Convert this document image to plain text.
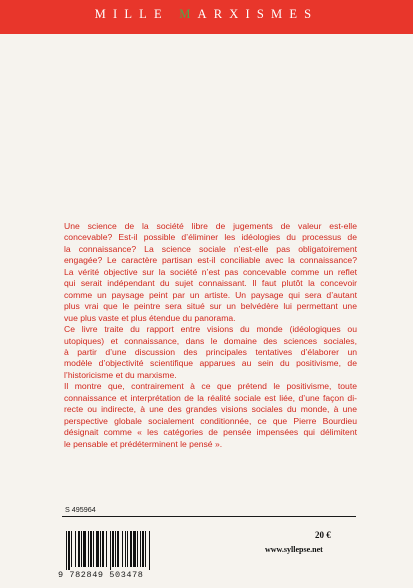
MILLE MARXISMES

Une science de la société libre de jugements de valeur est-elle
concevable? Est-il possible d’éliminer les idéologies du processus de
la connaissance? La science sociale n’est-elle pas obligatoirement
engagée? Le caractère partisan est-il conciliable avec la connaissance?
La vérité objective sur la société n’est pas concevable comme un reflet
qui serait indépendant du sujet connaissant. Il faut plutôt la concevoir
comme un paysage peint par un artiste. Un paysage qui sera d’autant
plus vrai que le peintre sera situé sur un belvédère lui permettant une
vue plus vaste et plus étendue du panorama.

Ce livre traite du rapport entre visions du monde (idéologiques ou
utopiques) et connaissance, dans le domaine des sciences sociales,
à partir d’une discussion des principales tentatives d’élaborer un
modèle d’objectivité scientifique apparues au sein du positivisme, de
l’historicisme et du marxisme.

Il montre que, contrairement à ce que prétend le positivisme, toute
connaissance et interprétation de la réalité sociale est liée, d’une façon di-
recte ou indirecte, à une des grandes visions sociales du monde, à une
perspective globale socialement conditionnée, ce que Pierre Bourdieu
désignait comme « les catégories de pensée impensées qui délimitent
le pensable et prédéterminent le pensé ».

S 495964
9 782849 503478
20 €
www.syllepse.net
